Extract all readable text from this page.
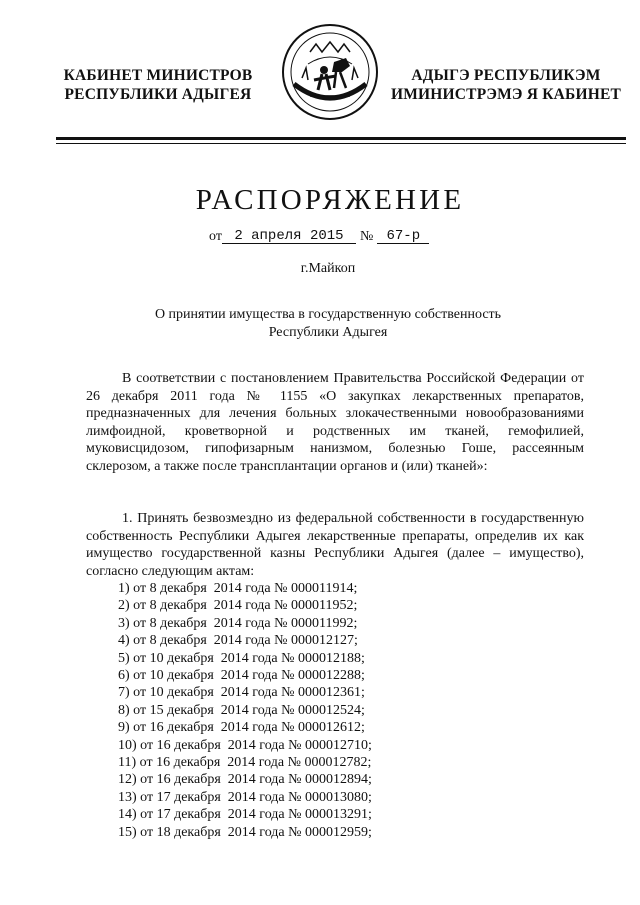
КАБИНЕТ МИНИСТРОВ
РЕСПУБЛИКИ АДЫГЕЯ
АДЫГЭ РЕСПУБЛИКЭМ
ИМИНИСТРЭМЭ Я КАБИНЕТ
РАСПОРЯЖЕНИЕ
от 2 апреля 2015 № 67-р
г.Майкоп
О принятии имущества в государственную собственность
Республики Адыгея

В соответствии с постановлением Правительства Российской Федерации от 26 декабря 2011 года № 1155 «О закупках лекарственных препаратов, предназначенных для лечения больных злокачественными новообразованиями лимфоидной, кроветворной и родственных им тканей, гемофилией, муковисцидозом, гипофизарным нанизмом, болезнью Гоше, рассеянным склерозом, а также после трансплантации органов и (или) тканей»:

1. Принять безвозмездно из федеральной собственности в государственную собственность Республики Адыгея лекарственные препараты, определив их как имущество государственной казны Республики Адыгея (далее – имущество), согласно следующим актам:

1) от 8 декабря  2014 года № 000011914;
2) от 8 декабря  2014 года № 000011952;
3) от 8 декабря  2014 года № 000011992;
4) от 8 декабря  2014 года № 000012127;
5) от 10 декабря  2014 года № 000012188;
6) от 10 декабря  2014 года № 000012288;
7) от 10 декабря  2014 года № 000012361;
8) от 15 декабря  2014 года № 000012524;
9) от 16 декабря  2014 года № 000012612;
10) от 16 декабря  2014 года № 000012710;
11) от 16 декабря  2014 года № 000012782;
12) от 16 декабря  2014 года № 000012894;
13) от 17 декабря  2014 года № 000013080;
14) от 17 декабря  2014 года № 000013291;
15) от 18 декабря  2014 года № 000012959;
